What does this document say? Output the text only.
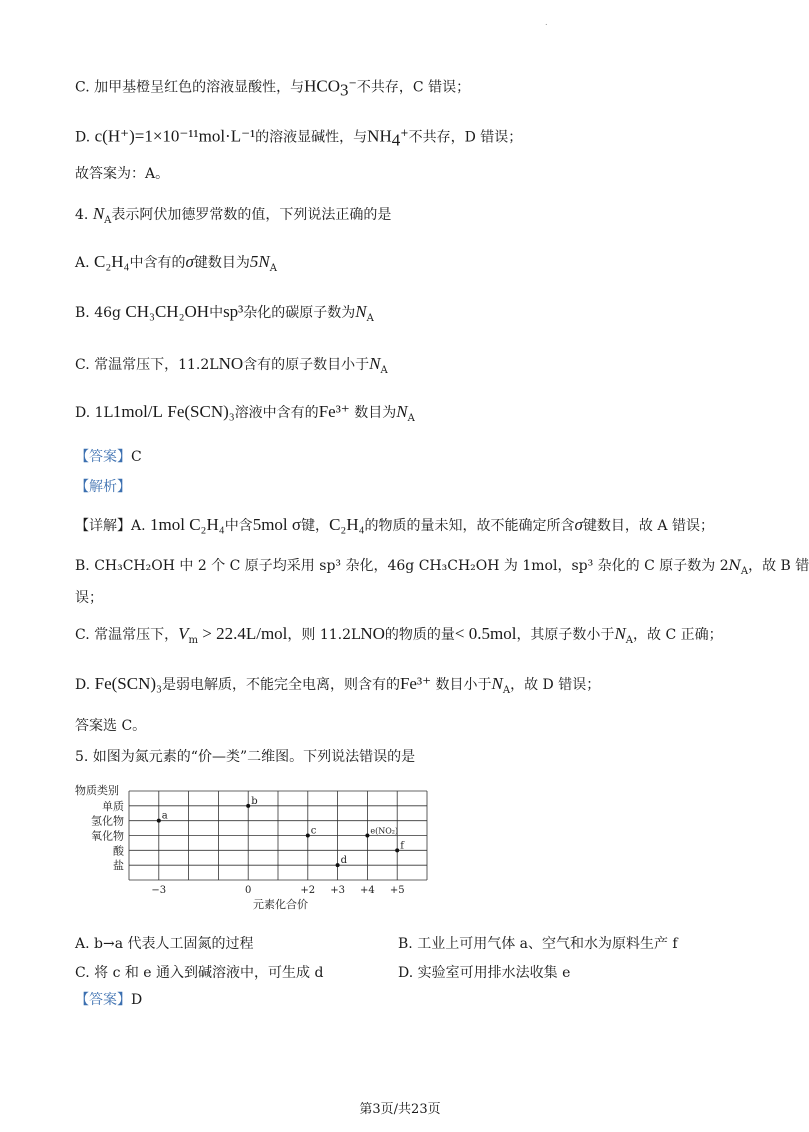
.
C. 加甲基橙呈红色的溶液显酸性，与$HCO_3^-$不共存，C 错误；
D. c(H⁺)=1×10⁻¹¹mol·L⁻¹的溶液显碱性，与$NH_4^+$不共存，D 错误；
故答案为：A。
4. $N_A$表示阿伏加德罗常数的值，下列说法正确的是
A. C₂H₄中含有的σ键数目为$5N_A$
B. 46g CH₃CH₂OH中sp³杂化的碳原子数为$N_A$
C. 常温常压下，11.2LNO含有的原子数目小于$N_A$
D. 1L1mol/L Fe(SCN)₃溶液中含有的Fe³⁺ 数目为$N_A$
【答案】C
【解析】
【详解】A. 1mol C₂H₄中含5mol σ键，C₂H₄的物质的量未知，故不能确定所含σ键数目，故 A 错误；
B. CH₃CH₂OH 中 2 个 C 原子均采用 sp³ 杂化，46g CH₃CH₂OH 为 1mol，sp³ 杂化的 C 原子数为 $2N_A$，故 B 错
误；
C. 常温常压下，$V_m > 22.4L/mol$，则 11.2LNO的物质的量< 0.5mol，其原子数小于$N_A$，故 C 正确；
D. Fe(SCN)₃是弱电解质，不能完全电离，则含有的Fe³⁺ 数目小于$N_A$，故 D 错误；
答案选 C。
5. 如图为氮元素的“价—类”二维图。下列说法错误的是
单质
氢化物
氧化物
酸
盐
−3	0	+2 +3 +4 +5
a
b
c
d
e(NO₂)
f
物质类别
元素化合价
A. b→a 代表人工固氮的过程	B. 工业上可用气体 a、空气和水为原料生产 f
C. 将 c 和 e 通入到碱溶液中，可生成 d	D. 实验室可用排水法收集 e
【答案】D
第3页/共23页
